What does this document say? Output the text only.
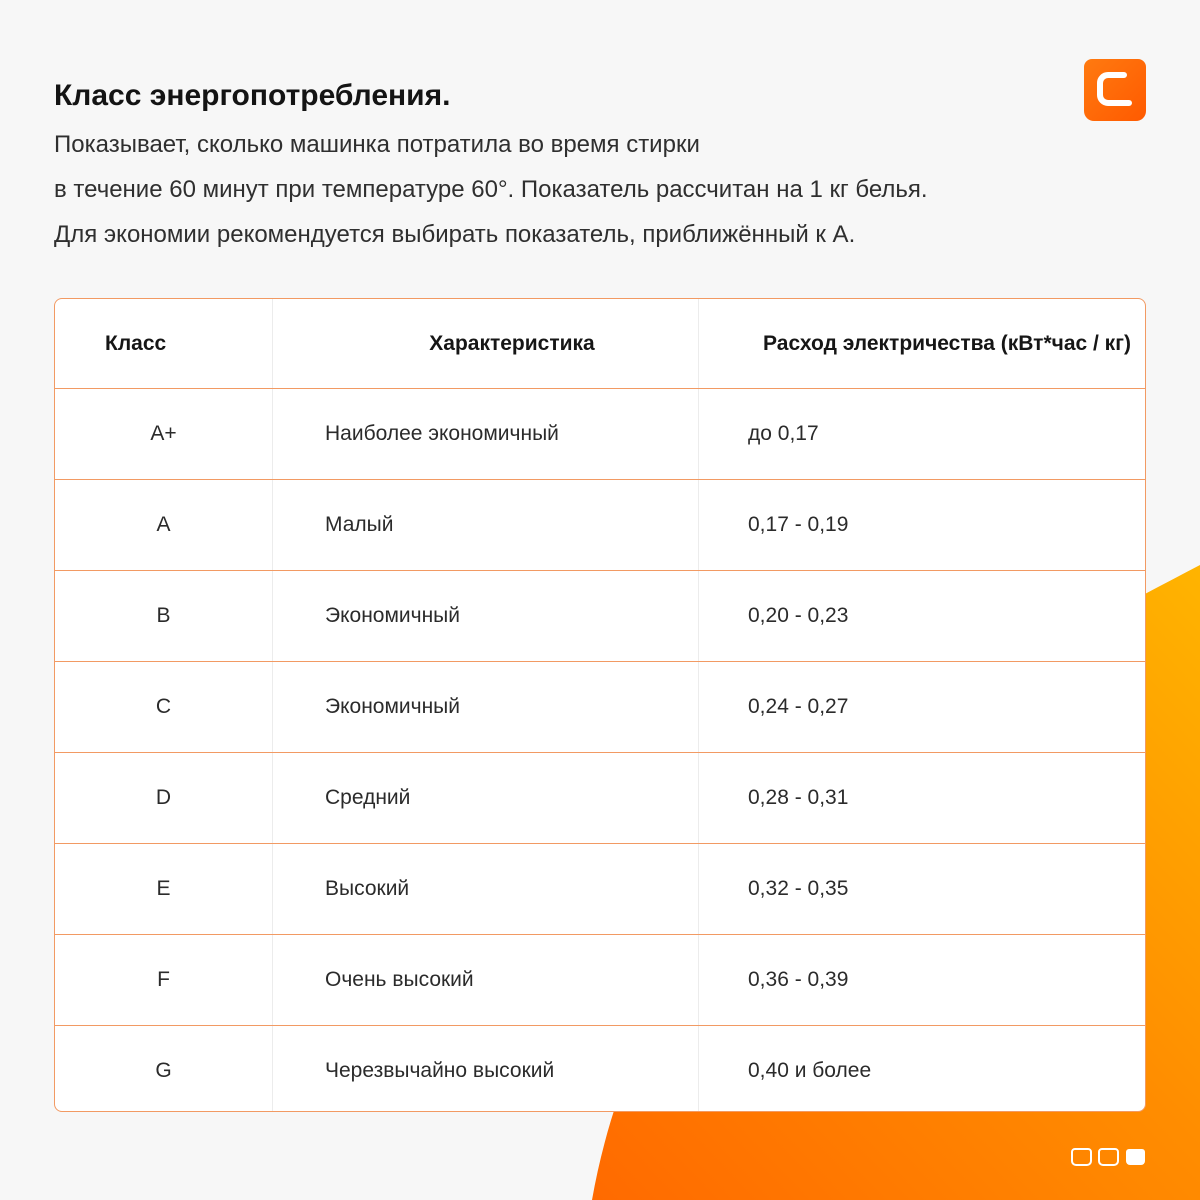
Класс энергопотребления.

Показывает, сколько машинка потратила во время стирки
в течение 60 минут при температуре 60°. Показатель рассчитан на 1 кг белья.
Для экономии рекомендуется выбирать показатель, приближённый к А.

Класс	Характеристика	Расход электричества (кВт*час / кг)
A+	Наиболее экономичный	до 0,17
A	Малый	0,17 - 0,19
B	Экономичный	0,20 - 0,23
C	Экономичный	0,24 - 0,27
D	Средний	0,28 - 0,31
E	Высокий	0,32 - 0,35
F	Очень высокий	0,36 - 0,39
G	Черезвычайно высокий	0,40 и более
